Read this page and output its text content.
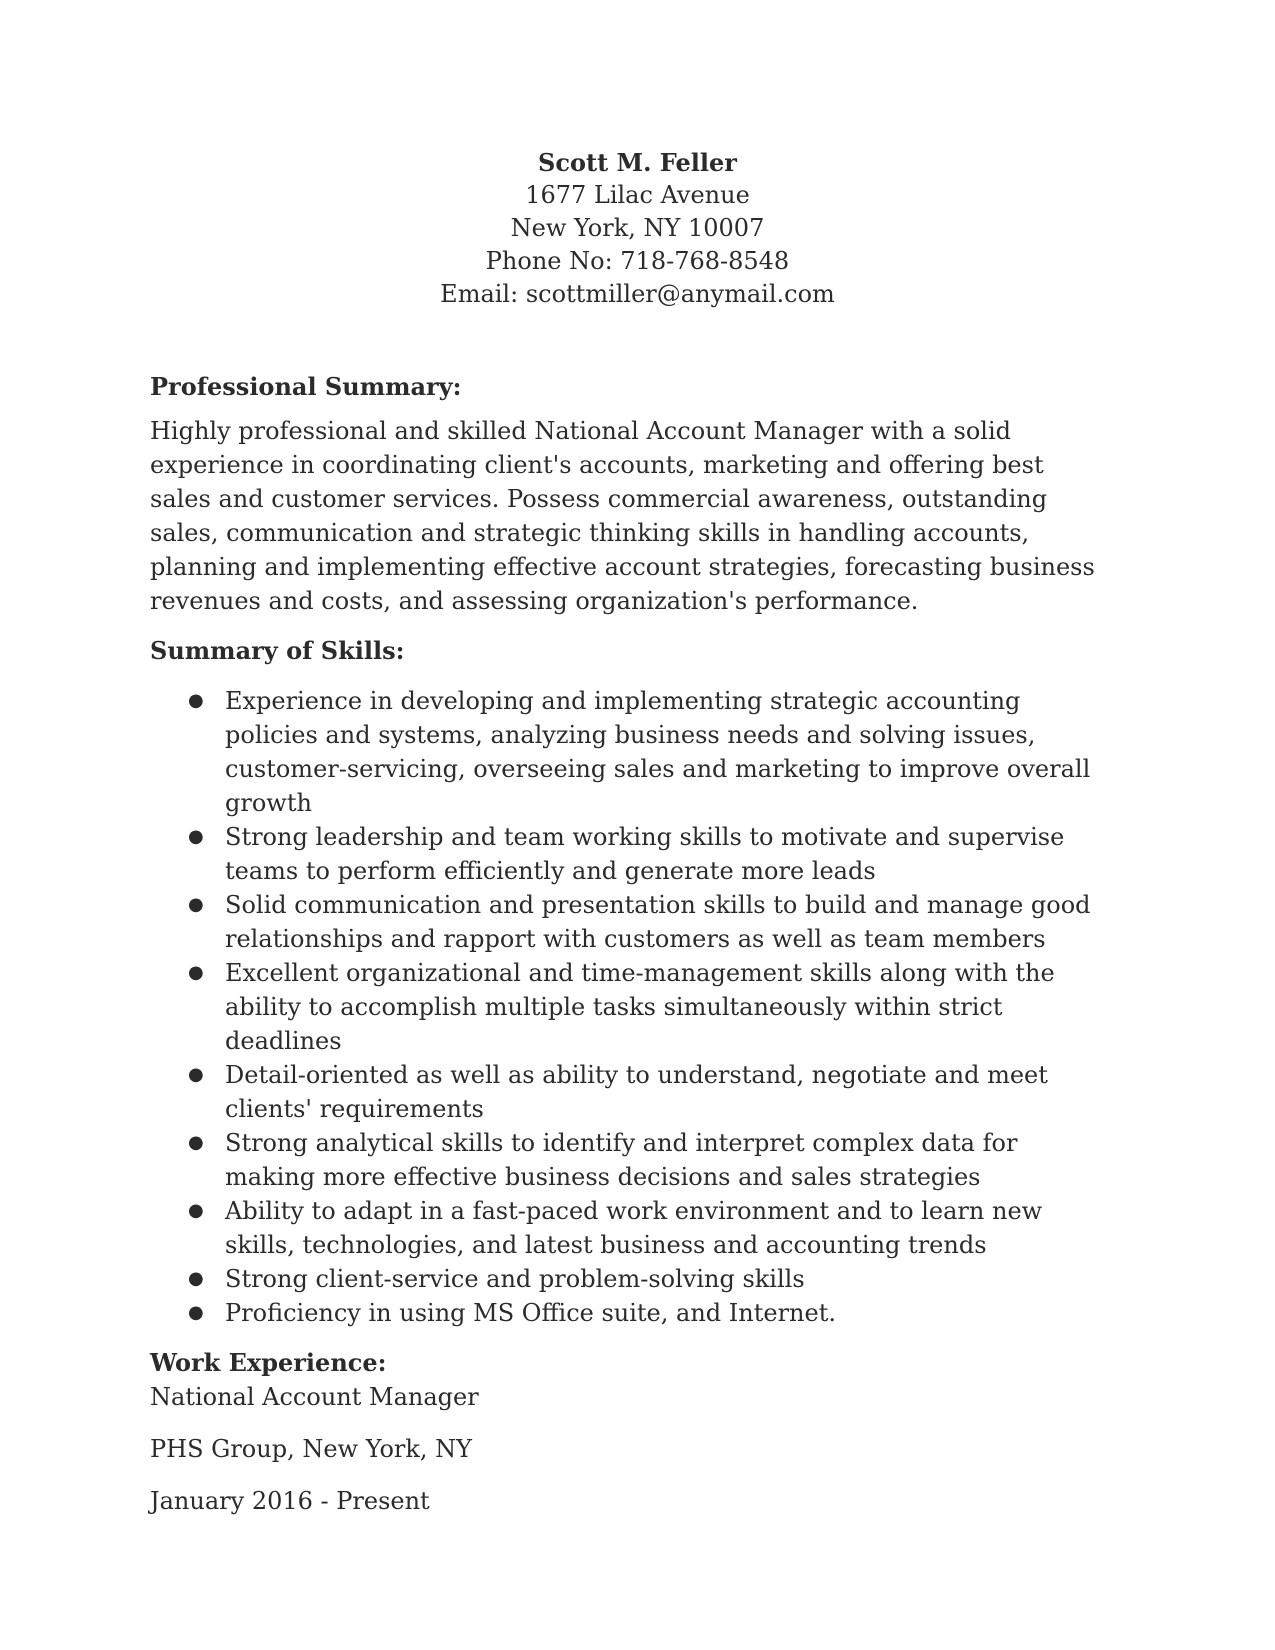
Scott M. Feller
1677 Lilac Avenue
New York, NY 10007
Phone No: 718-768-8548
Email: scottmiller@anymail.com

Professional Summary:

Highly professional and skilled National Account Manager with a solid experience in coordinating client's accounts, marketing and offering best sales and customer services. Possess commercial awareness, outstanding sales, communication and strategic thinking skills in handling accounts, planning and implementing effective account strategies, forecasting business revenues and costs, and assessing organization's performance.

Summary of Skills:

● Experience in developing and implementing strategic accounting policies and systems, analyzing business needs and solving issues, customer-servicing, overseeing sales and marketing to improve overall growth
● Strong leadership and team working skills to motivate and supervise teams to perform efficiently and generate more leads
● Solid communication and presentation skills to build and manage good relationships and rapport with customers as well as team members
● Excellent organizational and time-management skills along with the ability to accomplish multiple tasks simultaneously within strict deadlines
● Detail-oriented as well as ability to understand, negotiate and meet clients' requirements
● Strong analytical skills to identify and interpret complex data for making more effective business decisions and sales strategies
● Ability to adapt in a fast-paced work environment and to learn new skills, technologies, and latest business and accounting trends
● Strong client-service and problem-solving skills
● Proficiency in using MS Office suite, and Internet.

Work Experience:

National Account Manager

PHS Group, New York, NY

January 2016 - Present
